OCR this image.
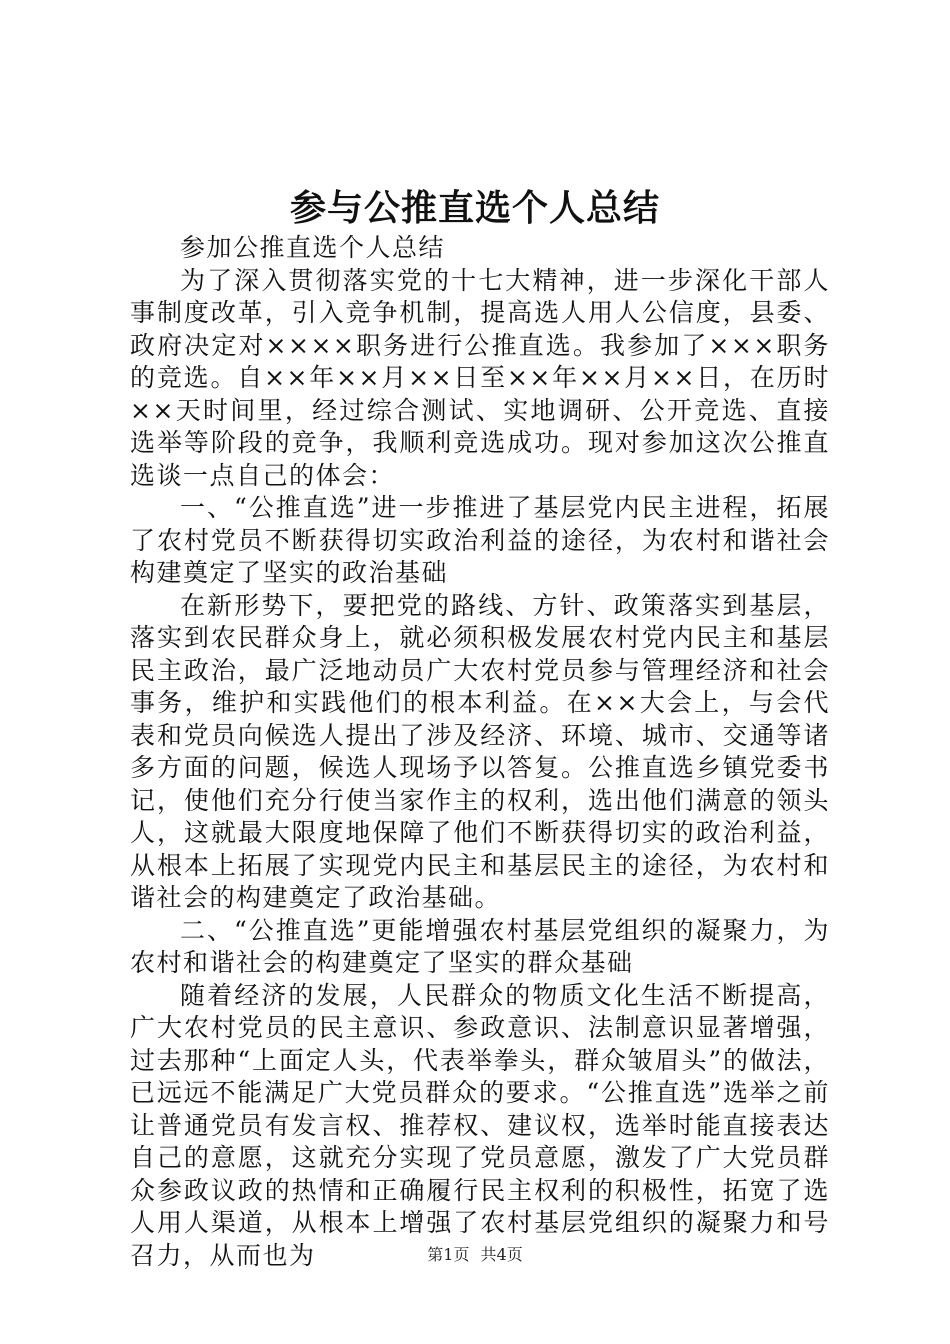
参与公推直选个人总结

参加公推直选个人总结

为了深入贯彻落实党的十七大精神，进一步深化干部人事制度改革，引入竞争机制，提高选人用人公信度，县委、政府决定对××××职务进行公推直选。我参加了×××职务的竞选。自××年××月××日至××年××月××日，在历时××天时间里，经过综合测试、实地调研、公开竞选、直接选举等阶段的竞争，我顺利竞选成功。现对参加这次公推直选谈一点自己的体会：

一、“公推直选”进一步推进了基层党内民主进程，拓展了农村党员不断获得切实政治利益的途径，为农村和谐社会构建奠定了坚实的政治基础

在新形势下，要把党的路线、方针、政策落实到基层，落实到农民群众身上，就必须积极发展农村党内民主和基层民主政治，最广泛地动员广大农村党员参与管理经济和社会事务，维护和实践他们的根本利益。在××大会上，与会代表和党员向候选人提出了涉及经济、环境、城市、交通等诸多方面的问题，候选人现场予以答复。公推直选乡镇党委书记，使他们充分行使当家作主的权利，选出他们满意的领头人，这就最大限度地保障了他们不断获得切实的政治利益，从根本上拓展了实现党内民主和基层民主的途径，为农村和谐社会的构建奠定了政治基础。

二、“公推直选”更能增强农村基层党组织的凝聚力，为农村和谐社会的构建奠定了坚实的群众基础

随着经济的发展，人民群众的物质文化生活不断提高，广大农村党员的民主意识、参政意识、法制意识显著增强，过去那种“上面定人头，代表举拳头，群众皱眉头”的做法，已远远不能满足广大党员群众的要求。“公推直选”选举之前让普通党员有发言权、推荐权、建议权，选举时能直接表达自己的意愿，这就充分实现了党员意愿，激发了广大党员群众参政议政的热情和正确履行民主权利的积极性，拓宽了选人用人渠道，从根本上增强了农村基层党组织的凝聚力和号召力，从而也为	第1页 共4页
